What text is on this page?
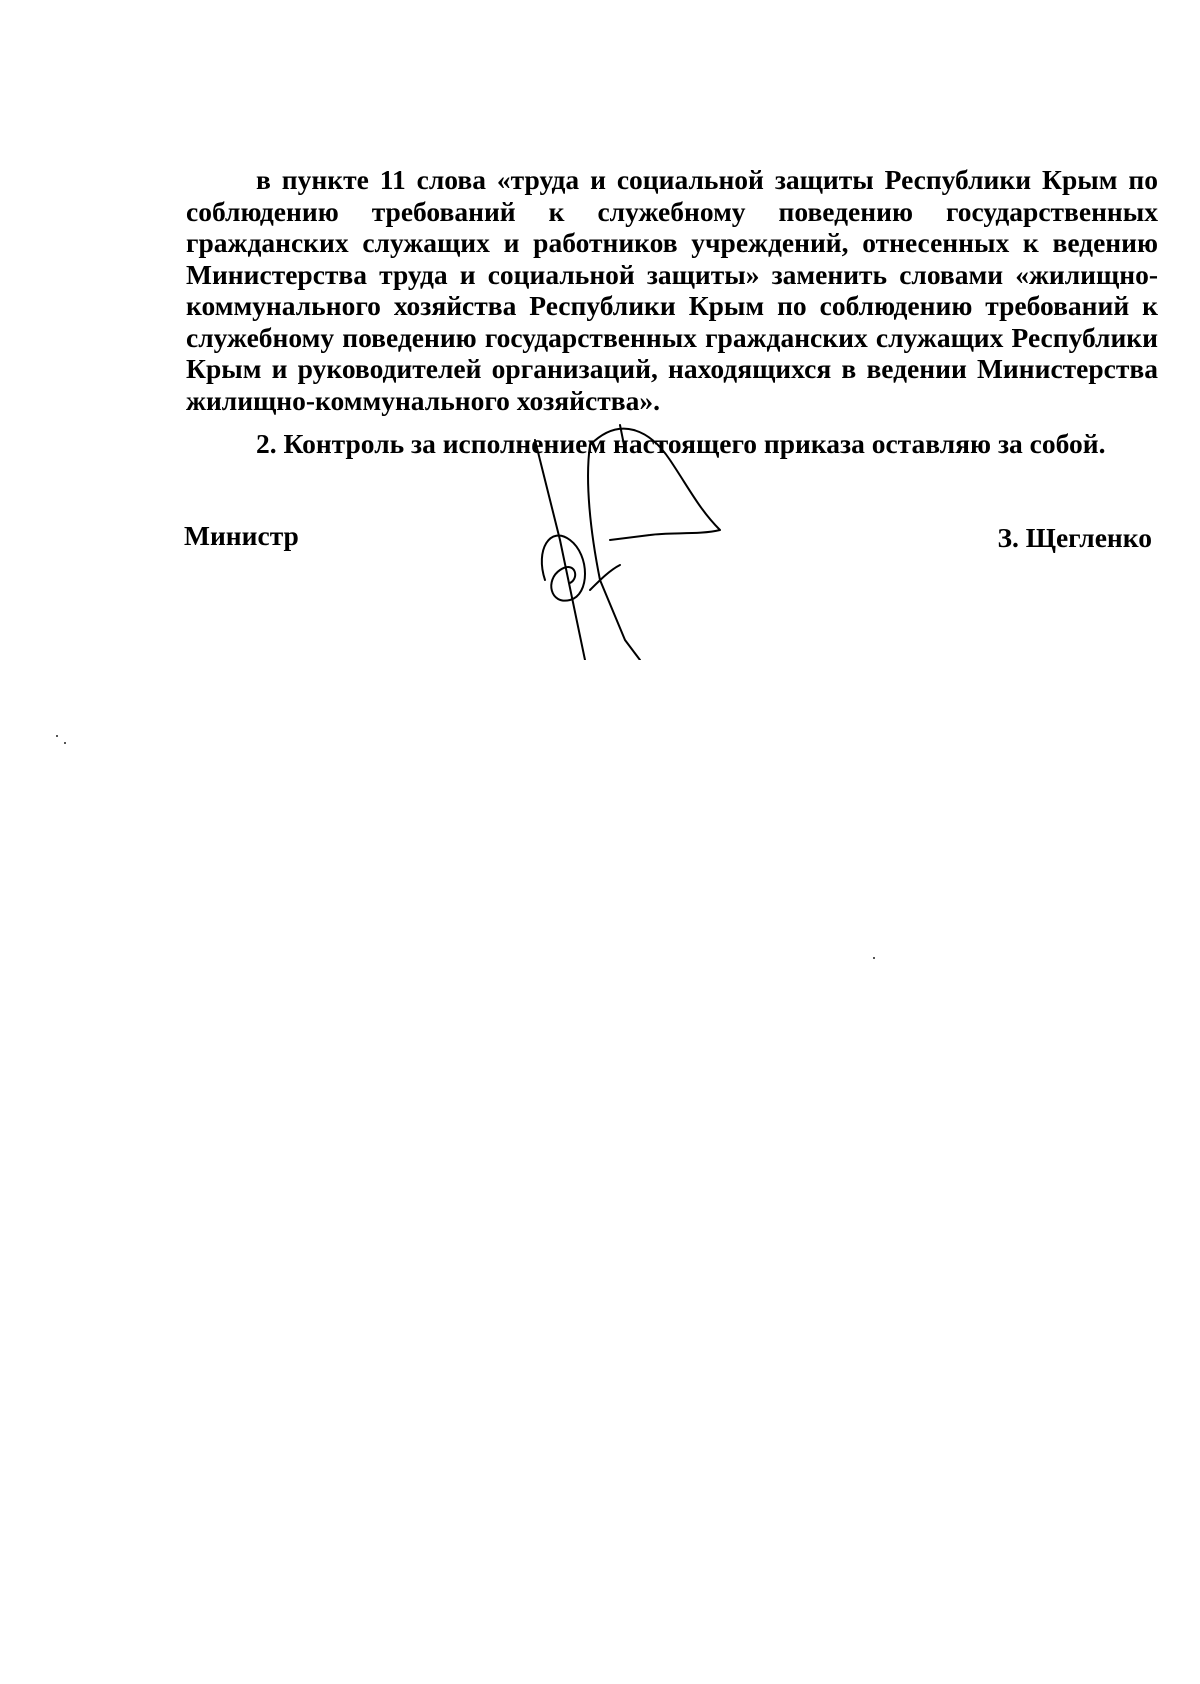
в пункте 11 слова «труда и социальной защиты Республики Крым по
соблюдению требований к служебному поведению государственных
гражданских служащих и работников учреждений, отнесенных к ведению
Министерства труда и социальной защиты» заменить словами «жилищно-
коммунального хозяйства Республики Крым по соблюдению требований к
служебному поведению государственных гражданских служащих Республики
Крым и руководителей организаций, находящихся в ведении Министерства
жилищно-коммунального хозяйства».
2. Контроль за исполнением настоящего приказа оставляю за собой.
Министр	З. Щегленко
